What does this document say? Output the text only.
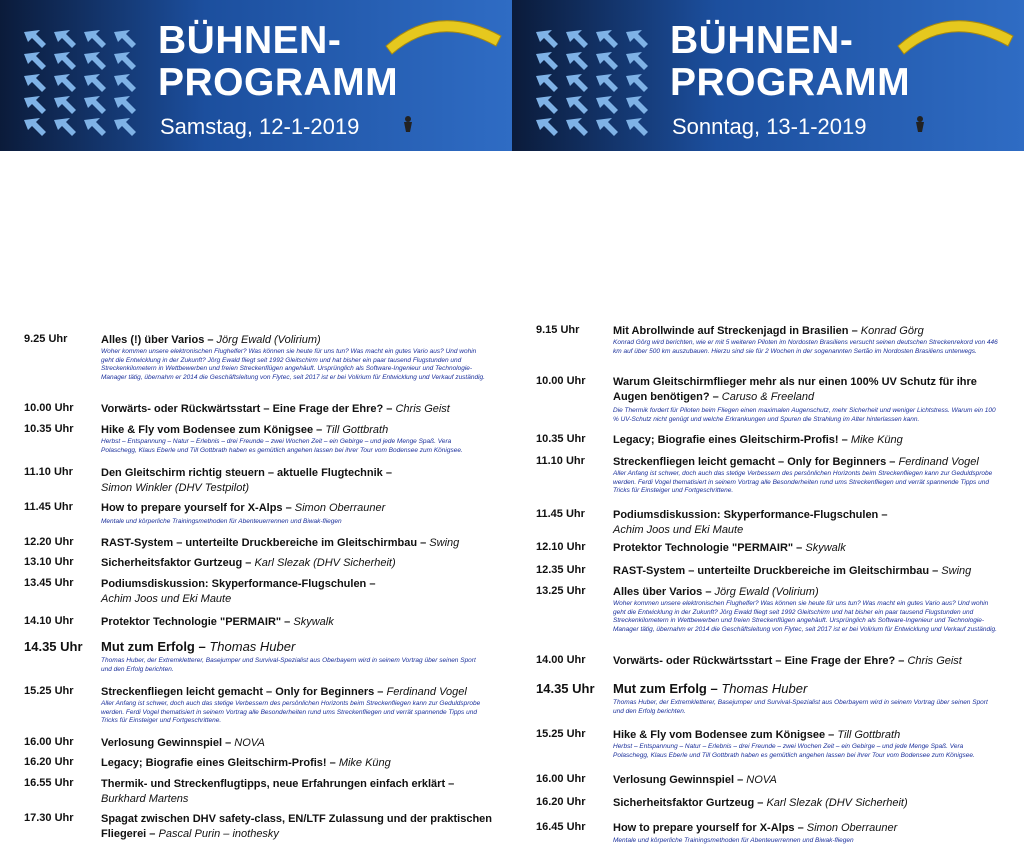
BÜHNEN-
PROGRAMM
Samstag, 12-1-2019
9.25 Uhr	Alles (!) über Varios – Jörg Ewald (Volirium)
Woher kommen unsere elektronischen Flughelfer? Was können sie heute für uns tun? Was macht ein gutes Vario aus? Und wohin geht die Entwicklung in der Zukunft? Jörg Ewald fliegt seit 1992 Gleitschirm und hat bisher ein paar tausend Flugstunden und Streckenkilometern in Wettbewerben und freien Streckenflügen angehäuft. Ursprünglich als Software-Ingenieur und Technologie-Manager tätig, übernahm er 2014 die Geschäftsleitung von Flytec, seit 2017 ist er bei Volirium für Entwicklung und Verkauf zuständig.
10.00 Uhr	Vorwärts- oder Rückwärtsstart – Eine Frage der Ehre? – Chris Geist
10.35 Uhr	Hike & Fly vom Bodensee zum Königsee – Till Gottbrath
Herbst – Entspannung – Natur – Erlebnis – drei Freunde – zwei Wochen Zeit – ein Gebirge – und jede Menge Spaß. Vera Polaschegg, Klaus Eberle und Till Gottbrath haben es gemütlich angehen lassen bei ihrer Tour vom Bodensee zum Königsee.
11.10 Uhr	Den Gleitschirm richtig steuern – aktuelle Flugtechnik –
Simon Winkler (DHV Testpilot)
11.45 Uhr	How to prepare yourself for X-Alps – Simon Oberrauner
Mentale und körperliche Trainingsmethoden für Abenteuerrennen und Biwak-fliegen
12.20 Uhr	RAST-System – unterteilte Druckbereiche im Gleitschirmbau – Swing
13.10 Uhr	Sicherheitsfaktor Gurtzeug – Karl Slezak (DHV Sicherheit)
13.45 Uhr	Podiumsdiskussion: Skyperformance-Flugschulen –
Achim Joos und Eki Maute
14.10 Uhr	Protektor Technologie "PERMAIR" – Skywalk
14.35 Uhr	Mut zum Erfolg – Thomas Huber
Thomas Huber, der Extremkletterer, Basejumper und Survival-Spezialist aus Oberbayern wird in seinem Vortrag über seinen Sport und den Erfolg berichten.
15.25 Uhr	Streckenfliegen leicht gemacht – Only for Beginners – Ferdinand Vogel
Aller Anfang ist schwer, doch auch das stetige Verbessern des persönlichen Horizonts beim Streckenfliegen kann zur Geduldsprobe werden. Ferdi Vogel thematisiert in seinem Vortrag alle Besonderheiten rund ums Streckenfliegen und verrät spannende Tipps und Tricks für Einsteiger und Fortgeschrittene.
16.00 Uhr	Verlosung Gewinnspiel – NOVA
16.20 Uhr	Legacy; Biografie eines Gleitschirm-Profis! – Mike Küng
16.55 Uhr	Thermik- und Streckenflugtipps, neue Erfahrungen einfach erklärt –
Burkhard Martens
17.30 Uhr	Spagat zwischen DHV safety-class, EN/LTF Zulassung und der praktischen Fliegerei – Pascal Purin – inothesky
BÜHNEN-
PROGRAMM
Sonntag, 13-1-2019
9.15 Uhr	Mit Abrollwinde auf Streckenjagd in Brasilien – Konrad Görg
Konrad Görg wird berichten, wie er mit 5 weiteren Piloten im Nordosten Brasiliens versucht seinen deutschen Streckenrekord von 446 km auf über 500 km auszubauen. Hierzu sind sie für 2 Wochen in der sogenannten Sertão im Nordosten Brasiliens unterwegs.
10.00 Uhr	Warum Gleitschirmflieger mehr als nur einen 100% UV Schutz für ihre Augen benötigen? – Caruso & Freeland
Die Thermik fordert für Piloten beim Fliegen einen maximalen Augenschutz, mehr Sicherheit und weniger Lichtstress. Warum ein 100 % UV-Schutz nicht genügt und welche Erkrankungen und Spuren die Strahlung im Alter hinterlassen kann.
10.35 Uhr	Legacy; Biografie eines Gleitschirm-Profis! – Mike Küng
11.10 Uhr	Streckenfliegen leicht gemacht – Only for Beginners – Ferdinand Vogel
Aller Anfang ist schwer, doch auch das stetige Verbessern des persönlichen Horizonts beim Streckenfliegen kann zur Geduldsprobe werden. Ferdi Vogel thematisiert in seinem Vortrag alle Besonderheiten rund ums Streckenfliegen und verrät spannende Tipps und Tricks für Einsteiger und Fortgeschrittene.
11.45 Uhr	Podiumsdiskussion: Skyperformance-Flugschulen –
Achim Joos und Eki Maute
12.10 Uhr	Protektor Technologie "PERMAIR" – Skywalk
12.35 Uhr	RAST-System – unterteilte Druckbereiche im Gleitschirmbau – Swing
13.25 Uhr	Alles über Varios – Jörg Ewald (Volirium)
Woher kommen unsere elektronischen Flughelfer? Was können sie heute für uns tun? Was macht ein gutes Vario aus? Und wohin geht die Entwicklung in der Zukunft? Jörg Ewald fliegt seit 1992 Gleitschirm und hat bisher ein paar tausend Flugstunden und Streckenkilometern in Wettbewerben und freien Streckenflügen angehäuft. Ursprünglich als Software-Ingenieur und Technologie-Manager tätig, übernahm er 2014 die Geschäftsleitung von Flytec, seit 2017 ist er bei Volirium für Entwicklung und Verkauf zuständig.
14.00 Uhr	Vorwärts- oder Rückwärtsstart – Eine Frage der Ehre? – Chris Geist
14.35 Uhr	Mut zum Erfolg – Thomas Huber
Thomas Huber, der Extremkletterer, Basejumper und Survival-Spezialist aus Oberbayern wird in seinem Vortrag über seinen Sport und den Erfolg berichten.
15.25 Uhr	Hike & Fly vom Bodensee zum Königsee – Till Gottbrath
Herbst – Entspannung – Natur – Erlebnis – drei Freunde – zwei Wochen Zeit – ein Gebirge – und jede Menge Spaß. Vera Polaschegg, Klaus Eberle und Till Gottbrath haben es gemütlich angehen lassen bei ihrer Tour vom Bodensee zum Königsee.
16.00 Uhr	Verlosung Gewinnspiel – NOVA
16.20 Uhr	Sicherheitsfaktor Gurtzeug – Karl Slezak (DHV Sicherheit)
16.45 Uhr	How to prepare yourself for X-Alps – Simon Oberrauner
Mentale und körperliche Trainingsmethoden für Abenteuerrennen und Biwak-fliegen
